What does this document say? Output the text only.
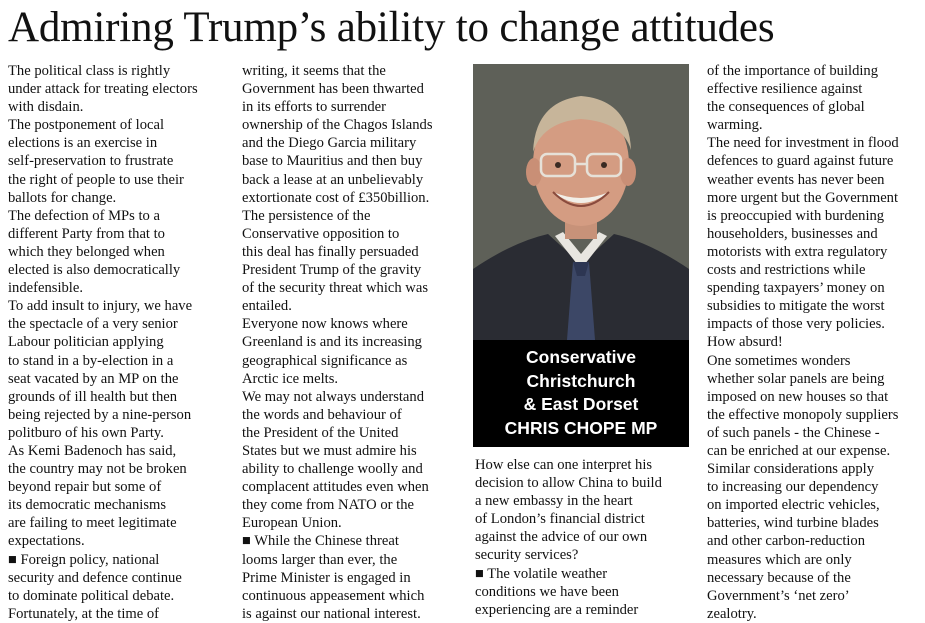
Admiring Trump’s ability to change attitudes

The political class is rightly
under attack for treating electors
with disdain.

The postponement of local
elections is an exercise in
self-preservation to frustrate
the right of people to use their
ballots for change.

The defection of MPs to a
different Party from that to
which they belonged when
elected is also democratically
indefensible.

To add insult to injury, we have
the spectacle of a very senior
Labour politician applying
to stand in a by-election in a
seat vacated by an MP on the
grounds of ill health but then
being rejected by a nine-person
politburo of his own Party.

As Kemi Badenoch has said,
the country may not be broken
beyond repair but some of
its democratic mechanisms
are failing to meet legitimate
expectations.

■ Foreign policy, national
security and defence continue
to dominate political debate.
Fortunately, at the time of

writing, it seems that the
Government has been thwarted
in its efforts to surrender
ownership of the Chagos Islands
and the Diego Garcia military
base to Mauritius and then buy
back a lease at an unbelievably
extortionate cost of £350billion.

The persistence of the
Conservative opposition to
this deal has finally persuaded
President Trump of the gravity
of the security threat which was
entailed.

Everyone now knows where
Greenland is and its increasing
geographical significance as
Arctic ice melts.

We may not always understand
the words and behaviour of
the President of the United
States but we must admire his
ability to challenge woolly and
complacent attitudes even when
they come from NATO or the
European Union.

■ While the Chinese threat
looms larger than ever, the
Prime Minister is engaged in
continuous appeasement which
is against our national interest.

Conservative
Christchurch
& East Dorset
CHRIS CHOPE MP

How else can one interpret his
decision to allow China to build
a new embassy in the heart
of London’s financial district
against the advice of our own
security services?

■ The volatile weather
conditions we have been
experiencing are a reminder

of the importance of building
effective resilience against
the consequences of global
warming.

The need for investment in flood
defences to guard against future
weather events has never been
more urgent but the Government
is preoccupied with burdening
householders, businesses and
motorists with extra regulatory
costs and restrictions while
spending taxpayers’ money on
subsidies to mitigate the worst
impacts of those very policies.
How absurd!

One sometimes wonders
whether solar panels are being
imposed on new houses so that
the effective monopoly suppliers
of such panels - the Chinese -
can be enriched at our expense.

Similar considerations apply
to increasing our dependency
on imported electric vehicles,
batteries, wind turbine blades
and other carbon-reduction
measures which are only
necessary because of the
Government’s ‘net zero’
zealotry.
